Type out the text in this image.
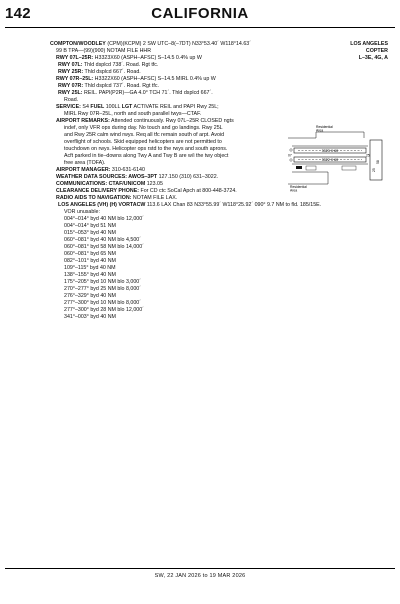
142	CALIFORNIA
LOS ANGELES
COPTER
L–3E, 4G, A
COMPTON/WOODLEY (CPM)(KCPM) 2 SW UTC–8(–7DT) N33°53.40´ W118°14.63´
99 B TPA—(99)(900) NOTAM FILE HHR
RWY 07L–25R: H3323X60 (ASPH–AFSC) S–14.5 0.4% up W
RWY 07L: Thld dsplcd 738´. Road. Rgt tfc.
RWY 25R: Thld dsplcd 667´. Road.
RWY 07R–25L: H3322X60 (ASPH–AFSC) S–14.5 MIRL 0.4% up W
RWY 07R: Thld dsplcd 737´. Road. Rgt tfc.
RWY 25L: REIL. PAPI(P2R)—GA 4.0° TCH 71´. Thld dsplcd 667´.
Road.
SERVICE: S4 FUEL 100LL LGT ACTIVATE REIL and PAPI Rwy 25L;
MIRL Rwy 07R–25L, north and south parallel twys—CTAF.
AIRPORT REMARKS: Attended continuously. Rwy 07L–25R CLOSED ngts
indef, only VFR ops during day. No touch and go landings. Rwy 25L
and Rwy 25R calm wind rwys. Req all tfc remain south of arpt. Avoid
overflight of schools. Skid equipped helicopters are not permitted to
touchdown on rwys. Helicopter ops rstd to the rwys and south aprons.
Acft parked in tie–downs along Twy A and Twy B are w/i the twy object
free area (TOFA).
AIRPORT MANAGER: 310-631-6140
WEATHER DATA SOURCES: AWOS–3PT 127.150 (310) 631–3022.
COMMUNICATIONS: CTAF/UNICOM 123.05
CLEARANCE DELIVERY PHONE: For CD ctc SoCal Apch at 800-448-3724.
RADIO AIDS TO NAVIGATION: NOTAM FILE LAX.
LOS ANGELES (VH) (H) VORTACW 113.6 LAX Chan 83 N33°55.99´ W118°25.92´ 090° 9.7 NM to fld. 185/15E.
VOR unusable:
004°–014° byd 40 NM blo 12,000´
004°–014° byd 51 NM
015°–053° byd 40 NM
060°–081° byd 40 NM blo 4,500´
060°–081° byd 58 NM blo 14,000´
060°–081° byd 65 NM
082°–101° byd 40 NM
109°–115° byd 40 NM
138°–155° byd 40 NM
175°–205° byd 10 NM blo 3,000´
270°–277° byd 25 NM blo 8,000´
276°–329° byd 40 NM
277°–300° byd 10 NM blo 8,000´
277°–300° byd 28 NM blo 12,000´
341°–003° byd 40 NM
Residential
Area
58
25
3323 X 60
3322 X 60
07	25
Residential
Area
SW, 22 JAN 2026 to 19 MAR 2026
